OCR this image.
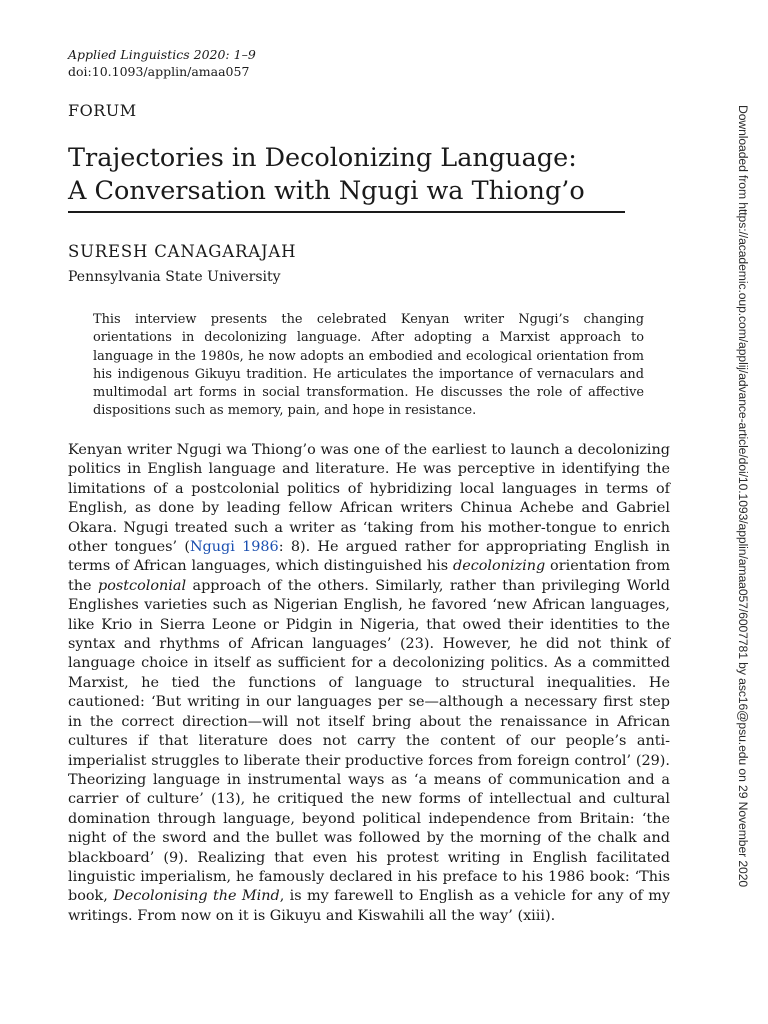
Applied Linguistics 2020: 1–9
doi:10.1093/applin/amaa057
FORUM
Trajectories in Decolonizing Language:
A Conversation with Ngugi wa Thiong’o
SURESH CANAGARAJAH
Pennsylvania State University
This interview presents the celebrated Kenyan writer Ngugi’s changing orientations in decolonizing language. After adopting a Marxist approach to language in the 1980s, he now adopts an embodied and ecological orientation from his indigenous Gikuyu tradition. He articulates the importance of vernaculars and multimodal art forms in social transformation. He discusses the role of affective dispositions such as memory, pain, and hope in resistance.
Kenyan writer Ngugi wa Thiong’o was one of the earliest to launch a decolonizing politics in English language and literature. He was perceptive in identifying the limitations of a postcolonial politics of hybridizing local languages in terms of English, as done by leading fellow African writers Chinua Achebe and Gabriel Okara. Ngugi treated such a writer as ‘taking from his mother-tongue to enrich other tongues’ (Ngugi 1986: 8). He argued rather for appropriating English in terms of African languages, which distinguished his decolonizing orientation from the postcolonial approach of the others. Similarly, rather than privileging World Englishes varieties such as Nigerian English, he favored ‘new African languages, like Krio in Sierra Leone or Pidgin in Nigeria, that owed their identities to the syntax and rhythms of African languages’ (23). However, he did not think of language choice in itself as sufficient for a decolonizing politics. As a committed Marxist, he tied the functions of language to structural inequalities. He cautioned: ‘But writing in our languages per se—although a necessary first step in the correct direction—will not itself bring about the renaissance in African cultures if that literature does not carry the content of our people’s anti-imperialist struggles to liberate their productive forces from foreign control’ (29). Theorizing language in instrumental ways as ‘a means of communication and a carrier of culture’ (13), he critiqued the new forms of intellectual and cultural domination through language, beyond political independence from Britain: ‘the night of the sword and the bullet was followed by the morning of the chalk and blackboard’ (9). Realizing that even his protest writing in English facilitated linguistic imperialism, he famously declared in his preface to his 1986 book: ‘This book, Decolonising the Mind, is my farewell to English as a vehicle for any of my writings. From now on it is Gikuyu and Kiswahili all the way’ (xiii).
Downloaded from https://academic.oup.com/applij/advance-article/doi/10.1093/applin/amaa057/6007781 by asc16@psu.edu on 29 November 2020
